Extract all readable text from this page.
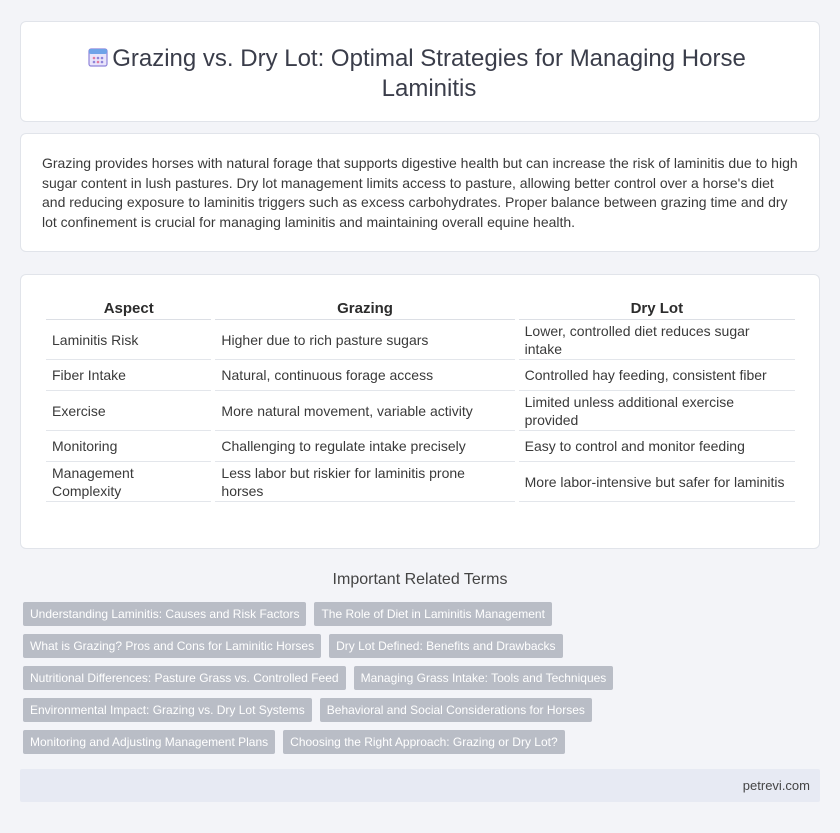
Grazing vs. Dry Lot: Optimal Strategies for Managing Horse Laminitis

Grazing provides horses with natural forage that supports digestive health but can increase the risk of laminitis due to high sugar content in lush pastures. Dry lot management limits access to pasture, allowing better control over a horse's diet and reducing exposure to laminitis triggers such as excess carbohydrates. Proper balance between grazing time and dry lot confinement is crucial for managing laminitis and maintaining overall equine health.

Aspect	Grazing	Dry Lot
Laminitis Risk	Higher due to rich pasture sugars	Lower, controlled diet reduces sugar intake
Fiber Intake	Natural, continuous forage access	Controlled hay feeding, consistent fiber
Exercise	More natural movement, variable activity	Limited unless additional exercise provided
Monitoring	Challenging to regulate intake precisely	Easy to control and monitor feeding
Management Complexity	Less labor but riskier for laminitis prone horses	More labor-intensive but safer for laminitis
Important Related Terms
Understanding Laminitis: Causes and Risk Factors	The Role of Diet in Laminitis Management
What is Grazing? Pros and Cons for Laminitic Horses	Dry Lot Defined: Benefits and Drawbacks
Nutritional Differences: Pasture Grass vs. Controlled Feed	Managing Grass Intake: Tools and Techniques
Environmental Impact: Grazing vs. Dry Lot Systems	Behavioral and Social Considerations for Horses
Monitoring and Adjusting Management Plans	Choosing the Right Approach: Grazing or Dry Lot?
petrevi.com
